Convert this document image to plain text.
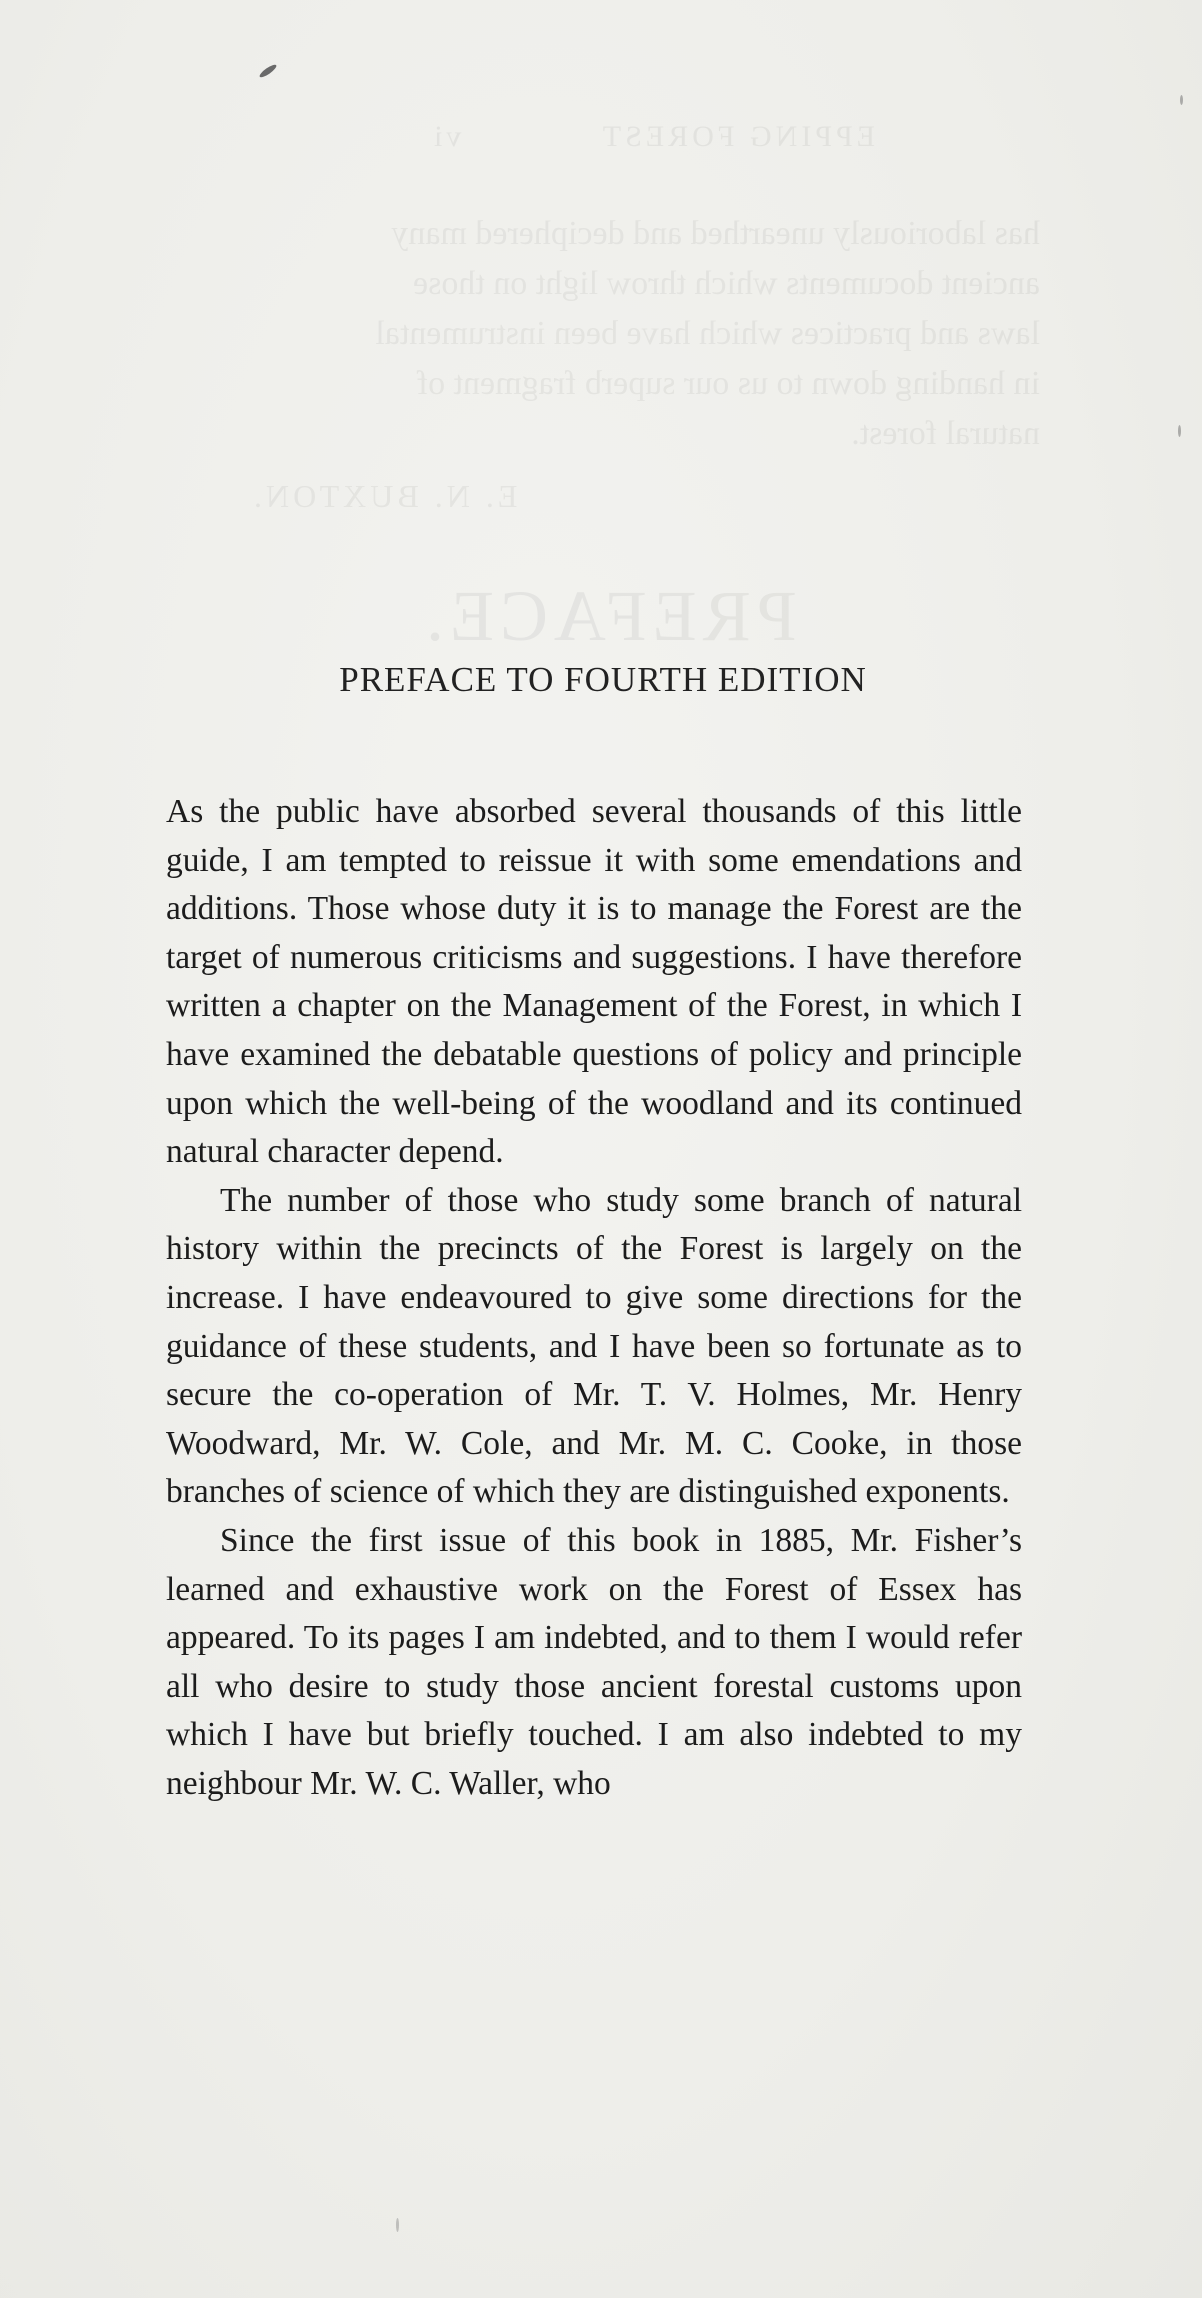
EPPING FOREST            vi
has laboriously unearthed and deciphered many
ancient documents which throw light on those
laws and practices which have been instrumental
in handing down to us our superb fragment of
natural forest.
E. N. BUXTON.
PREFACE.
PREFACE TO FOURTH EDITION

As the public have absorbed several thousands of this little guide, I am tempted to reissue it with some emendations and additions. Those whose duty it is to manage the Forest are the target of numerous criticisms and suggestions. I have therefore written a chapter on the Management of the Forest, in which I have examined the debatable questions of policy and principle upon which the well-being of the woodland and its continued natural character depend.

The number of those who study some branch of natural history within the precincts of the Forest is largely on the increase. I have endeavoured to give some directions for the guidance of these students, and I have been so fortunate as to secure the co-operation of Mr. T. V. Holmes, Mr. Henry Woodward, Mr. W. Cole, and Mr. M. C. Cooke, in those branches of science of which they are distinguished exponents.

Since the first issue of this book in 1885, Mr. Fisher’s learned and exhaustive work on the Forest of Essex has appeared. To its pages I am indebted, and to them I would refer all who desire to study those ancient forestal customs upon which I have but briefly touched. I am also indebted to my neighbour Mr. W. C. Waller, who
